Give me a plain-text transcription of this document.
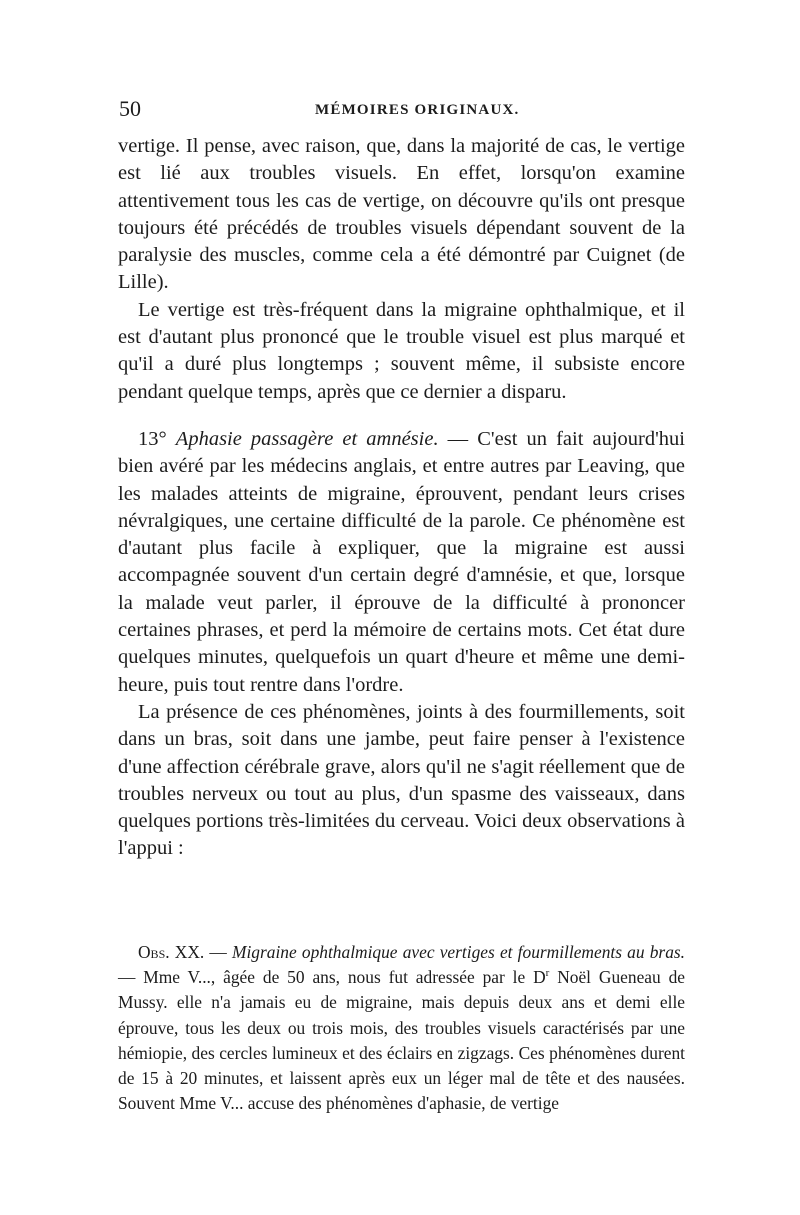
50	MÉMOIRES ORIGINAUX.

vertige. Il pense, avec raison, que, dans la majorité de cas, le vertige est lié aux troubles visuels. En effet, lorsqu'on examine attentivement tous les cas de vertige, on découvre qu'ils ont presque toujours été précédés de troubles visuels dépendant souvent de la paralysie des muscles, comme cela a été démontré par Cuignet (de Lille).

Le vertige est très-fréquent dans la migraine ophthalmique, et il est d'autant plus prononcé que le trouble visuel est plus marqué et qu'il a duré plus longtemps ; souvent même, il subsiste encore pendant quelque temps, après que ce dernier a disparu.

13° Aphasie passagère et amnésie. — C'est un fait aujourd'hui bien avéré par les médecins anglais, et entre autres par Leaving, que les malades atteints de migraine, éprouvent, pendant leurs crises névralgiques, une certaine difficulté de la parole. Ce phénomène est d'autant plus facile à expliquer, que la migraine est aussi accompagnée souvent d'un certain degré d'amnésie, et que, lorsque la malade veut parler, il éprouve de la difficulté à prononcer certaines phrases, et perd la mémoire de certains mots. Cet état dure quelques minutes, quelquefois un quart d'heure et même une demi-heure, puis tout rentre dans l'ordre.

La présence de ces phénomènes, joints à des fourmillements, soit dans un bras, soit dans une jambe, peut faire penser à l'existence d'une affection cérébrale grave, alors qu'il ne s'agit réellement que de troubles nerveux ou tout au plus, d'un spasme des vaisseaux, dans quelques portions très-limitées du cerveau. Voici deux observations à l'appui :

Obs. XX. — Migraine ophthalmique avec vertiges et fourmillements au bras. — Mme V..., âgée de 50 ans, nous fut adressée par le $D^r$ Noël Gueneau de Mussy. elle n'a jamais eu de migraine, mais depuis deux ans et demi elle éprouve, tous les deux ou trois mois, des troubles visuels caractérisés par une hémiopie, des cercles lumineux et des éclairs en zigzags. Ces phénomènes durent de 15 à 20 minutes, et laissent après eux un léger mal de tête et des nausées. Souvent Mme V... accuse des phénomènes d'aphasie, de vertige
